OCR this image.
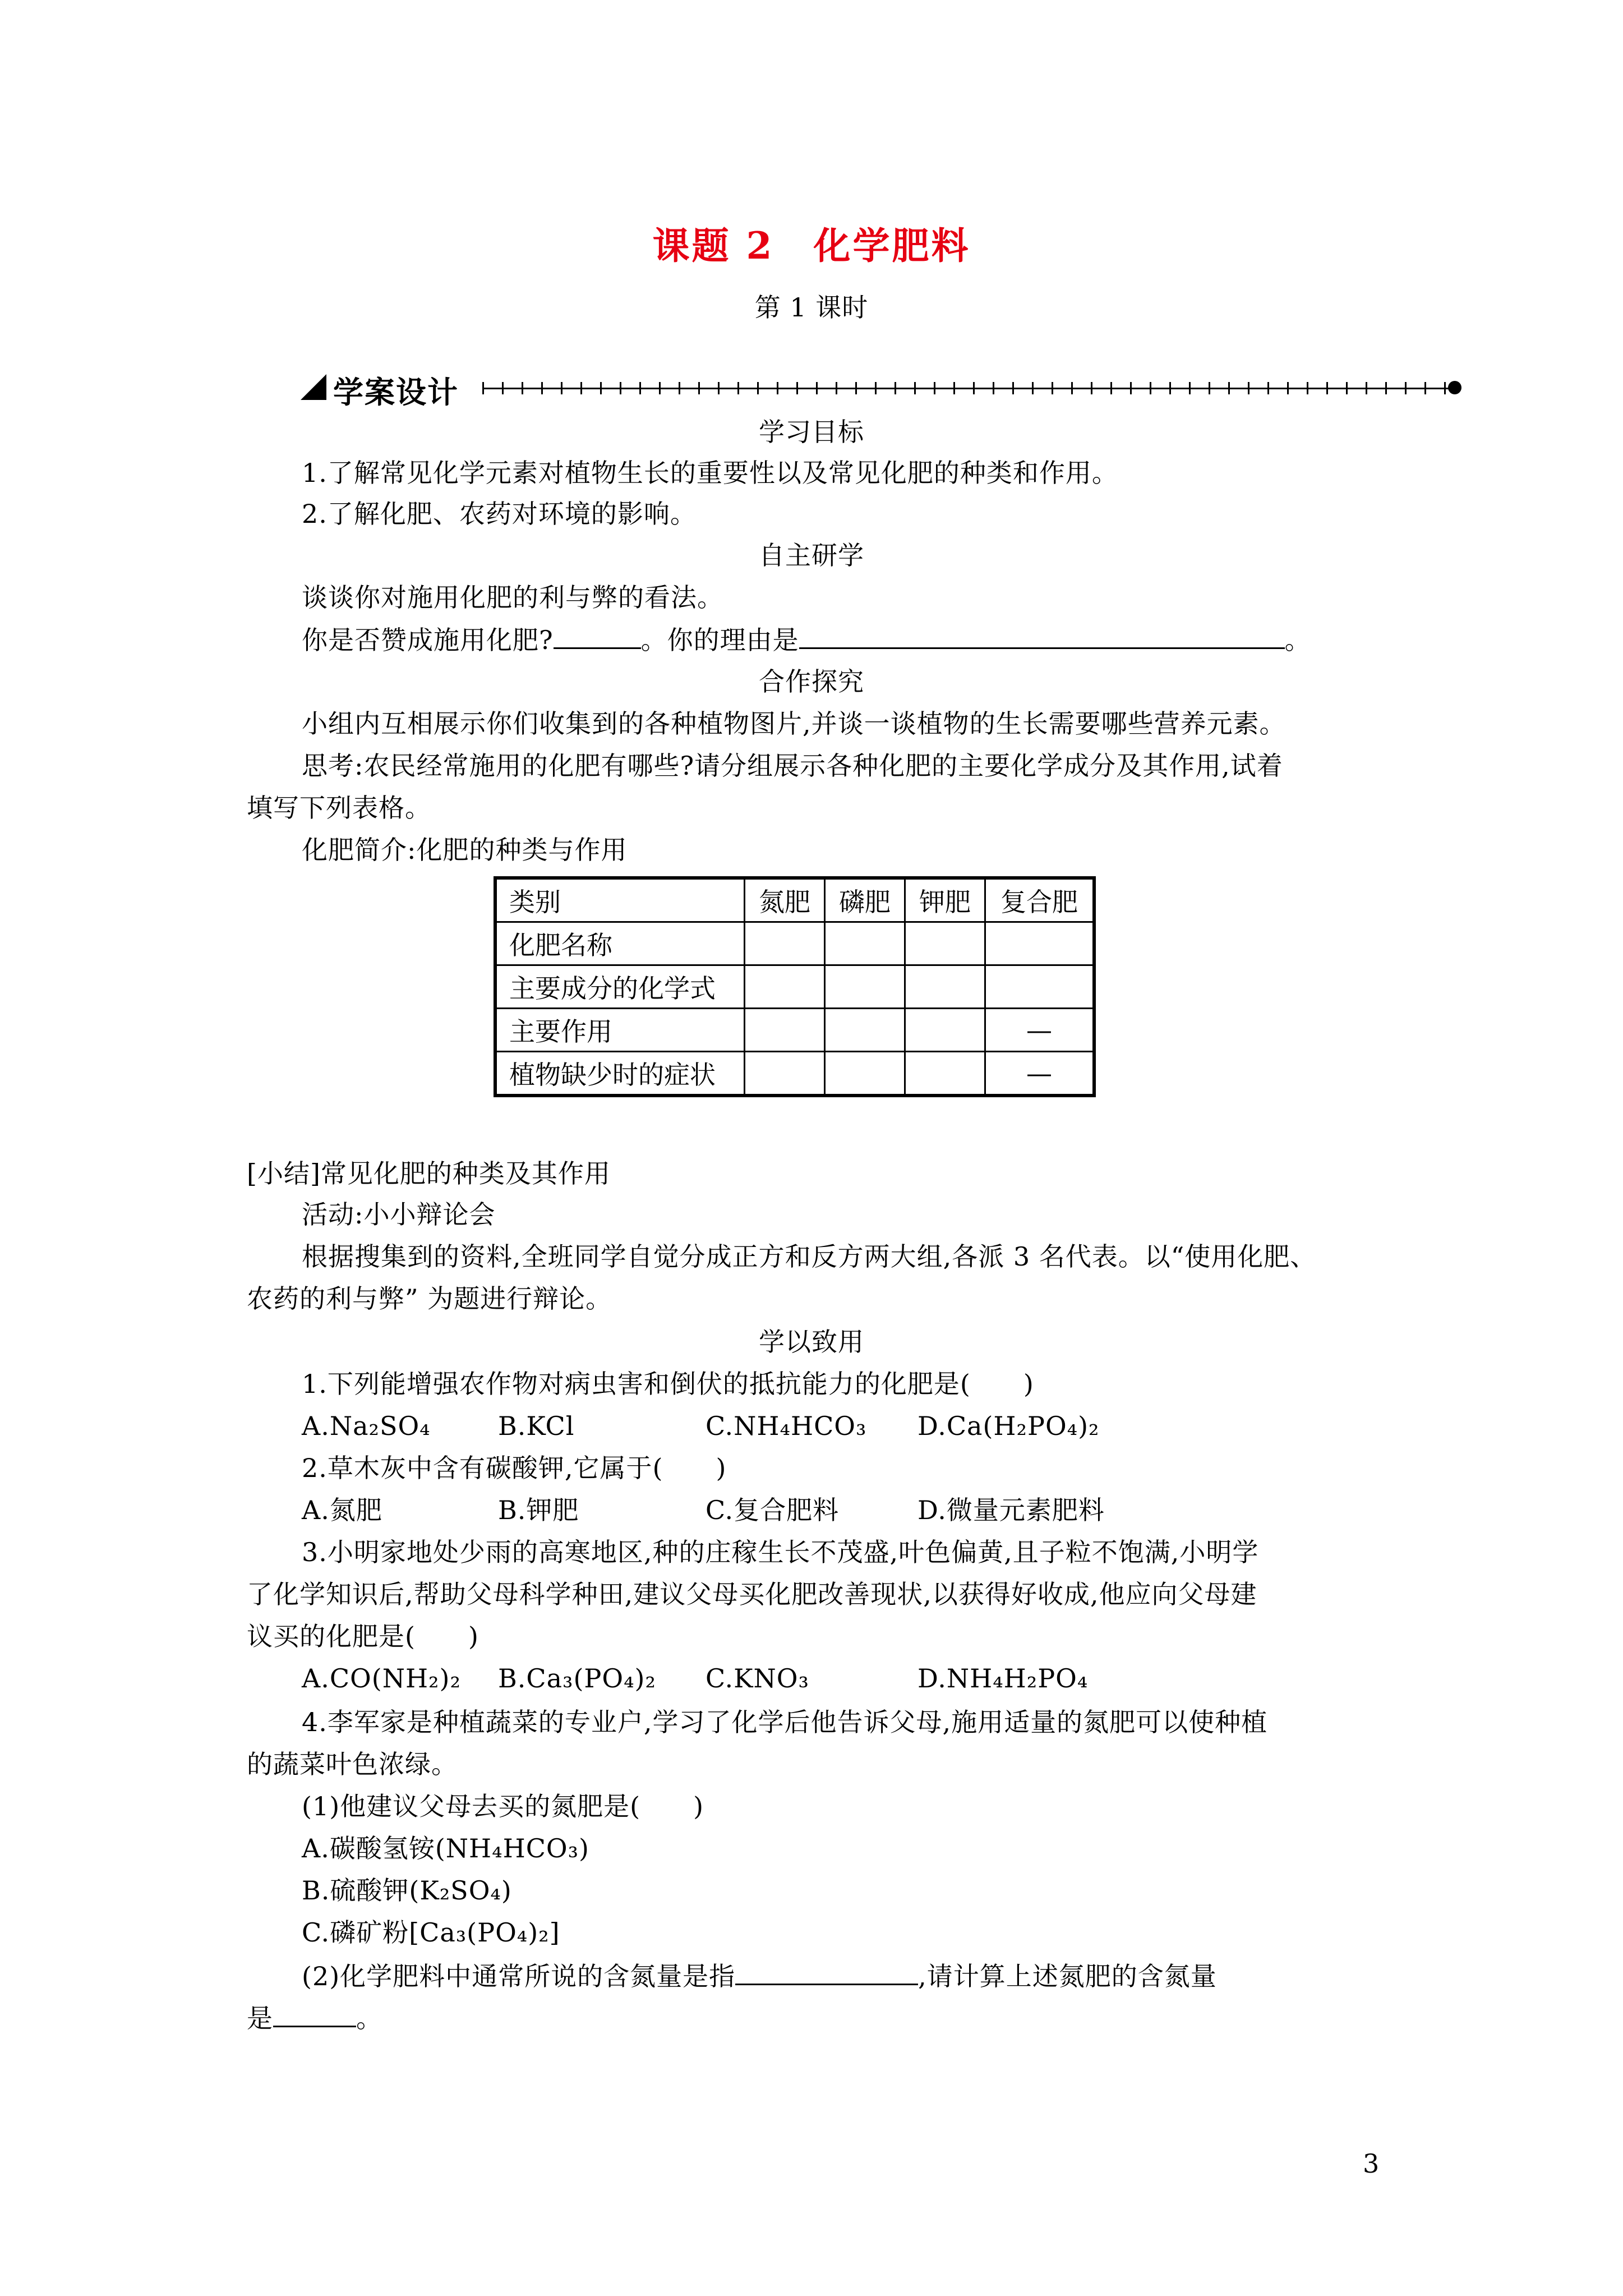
课题 2　化学肥料
第 1 课时
学案设计
学习目标
1.了解常见化学元素对植物生长的重要性以及常见化肥的种类和作用。
2.了解化肥、农药对环境的影响。
自主研学
谈谈你对施用化肥的利与弊的看法。
你是否赞成施用化肥?	。你的理由是	。
合作探究
小组内互相展示你们收集到的各种植物图片,并谈一谈植物的生长需要哪些营养元素。
思考:农民经常施用的化肥有哪些?请分组展示各种化肥的主要化学成分及其作用,试着
填写下列表格。
化肥简介:化肥的种类与作用
类别	氮肥	磷肥	钾肥	复合肥
化肥名称				
主要成分的化学式				
主要作用				—
植物缺少时的症状				—
[小结]常见化肥的种类及其作用
活动:小小辩论会
根据搜集到的资料,全班同学自觉分成正方和反方两大组,各派 3 名代表。以“使用化肥、
农药的利与弊” 为题进行辩论。
学以致用
1.下列能增强农作物对病虫害和倒伏的抵抗能力的化肥是(　　)
A.Na₂SO₄	B.KCl	C.NH₄HCO₃ D.Ca(H₂PO₄)₂
2.草木灰中含有碳酸钾,它属于(　　)
A.氮肥	B.钾肥	C.复合肥料	D.微量元素肥料
3.小明家地处少雨的高寒地区,种的庄稼生长不茂盛,叶色偏黄,且子粒不饱满,小明学
了化学知识后,帮助父母科学种田,建议父母买化肥改善现状,以获得好收成,他应向父母建
议买的化肥是(　　)
A.CO(NH₂)₂ B.Ca₃(PO₄)₂ C.KNO₃	D.NH₄H₂PO₄
4.李军家是种植蔬菜的专业户,学习了化学后他告诉父母,施用适量的氮肥可以使种植
的蔬菜叶色浓绿。
(1)他建议父母去买的氮肥是(　　)
A.碳酸氢铵(NH₄HCO₃)
B.硫酸钾(K₂SO₄)
C.磷矿粉[Ca₃(PO₄)₂]
(2)化学肥料中通常所说的含氮量是指	,请计算上述氮肥的含氮量
是	。
3
